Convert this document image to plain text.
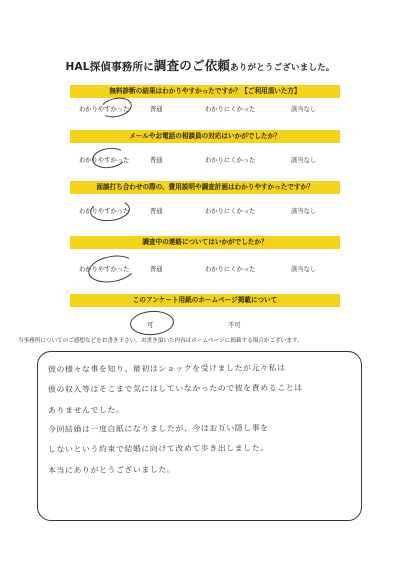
HAL探偵事務所に調査のご依頼ありがとうございました。
無料診断の結果はわかりやすかったですか？【ご利用頂いた方】
わかりやすかった	普通	わかりにくかった	該当なし
メールやお電話の相談員の対応はいかがでしたか？
わかりやすかった	普通	わかりにくかった	該当なし
面談打ち合わせの際の、費用説明や調査計画はわかりやすかったですか？
わかりやすかった	普通	わかりにくかった	該当なし
調査中の連絡についてはいかがでしたか？
わかりやすかった	普通	わかりにくかった	該当なし
このアンケート用紙のホームページ掲載について
可	不可
当事務所についてのご感想などをお書き下さい。お書き頂いた内容はホームページに掲載する場合がございます。
彼の様々な事を知り、最初はショックを受けましたが元々私は
彼の収入等はそこまで気にはしていなかったので彼を責めることは
ありませんでした。
今回結婚は一度白紙になりましたが、今はお互い隠し事を
しないという約束で結婚に向けて改めて歩き出しました。
本当にありがとうございました。
